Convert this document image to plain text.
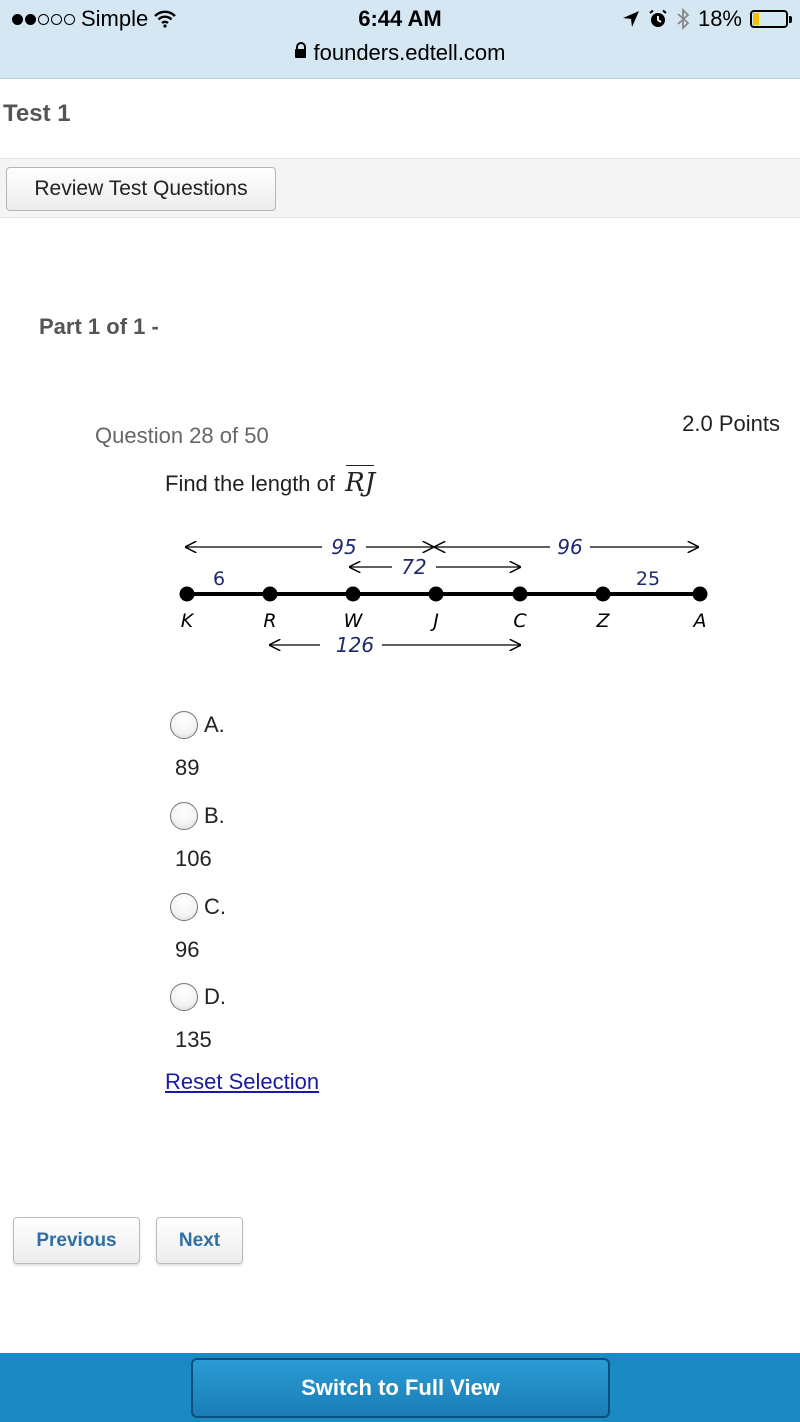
Simple	6:44 AM	18%
founders.edtell.com
Test 1
Review Test Questions
Part 1 of 1 -
Question 28 of 50	2.0 Points
Find the length of RJ
95	96
72
6	25
K	R	W	J	C	Z	A
126
A.
89
B.
106
C.
96
D.
135
Reset Selection
Previous	Next
Switch to Full View
